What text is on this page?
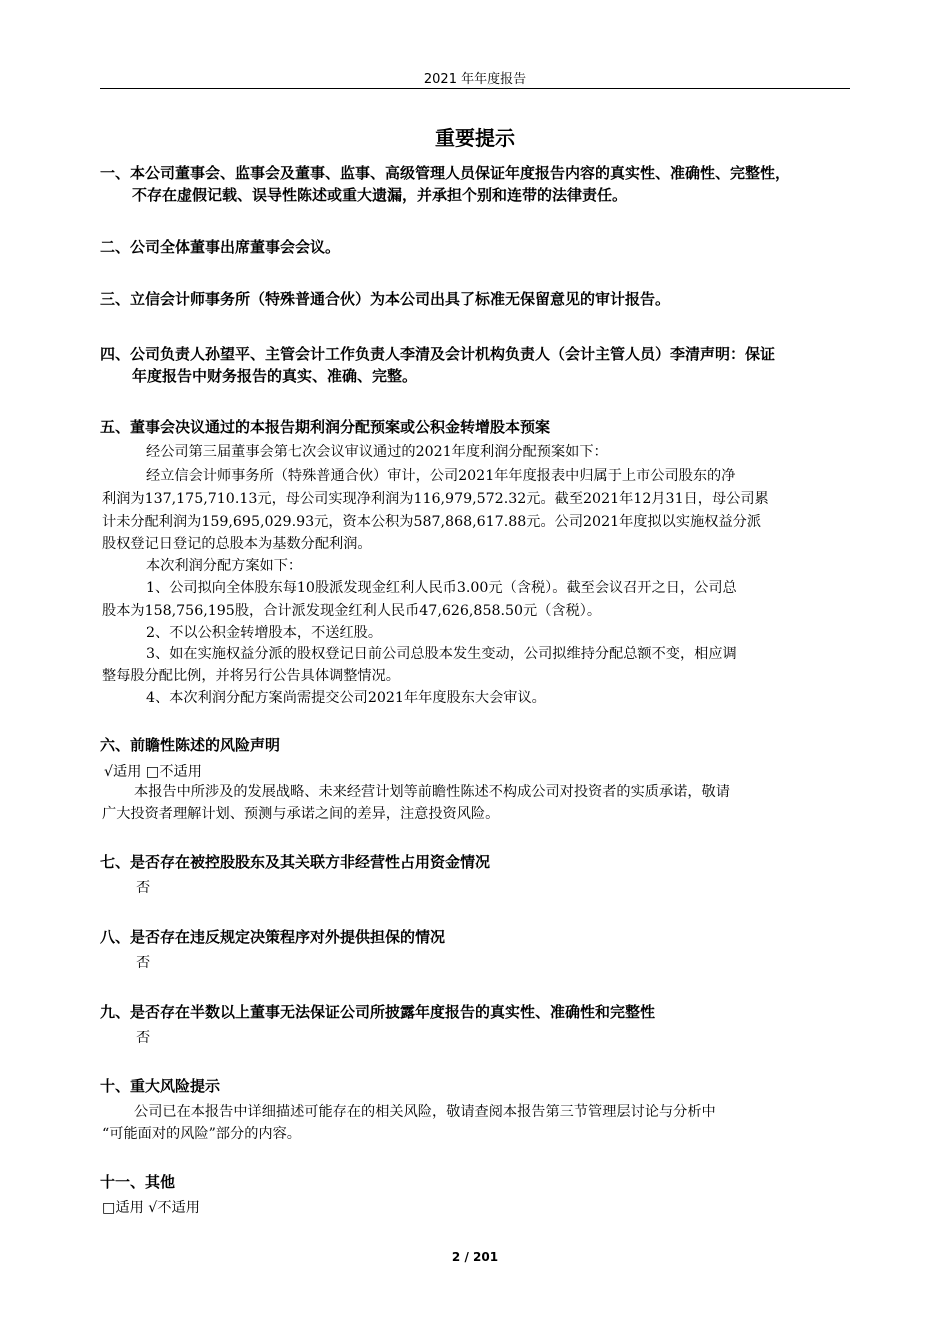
2021 年年度报告
重要提示
一、本公司董事会、监事会及董事、监事、高级管理人员保证年度报告内容的真实性、准确性、完整性，
不存在虚假记载、误导性陈述或重大遗漏，并承担个别和连带的法律责任。
二、公司全体董事出席董事会会议。
三、立信会计师事务所（特殊普通合伙）为本公司出具了标准无保留意见的审计报告。
四、公司负责人孙望平、主管会计工作负责人李清及会计机构负责人（会计主管人员）李清声明：保证
年度报告中财务报告的真实、准确、完整。
五、董事会决议通过的本报告期利润分配预案或公积金转增股本预案
经公司第三届董事会第七次会议审议通过的2021年度利润分配预案如下：
经立信会计师事务所（特殊普通合伙）审计，公司2021年年度报表中归属于上市公司股东的净
利润为137,175,710.13元，母公司实现净利润为116,979,572.32元。截至2021年12月31日，母公司累
计未分配利润为159,695,029.93元，资本公积为587,868,617.88元。公司2021年度拟以实施权益分派
股权登记日登记的总股本为基数分配利润。
本次利润分配方案如下：
1、公司拟向全体股东每10股派发现金红利人民币3.00元（含税）。截至会议召开之日，公司总
股本为158,756,195股，合计派发现金红利人民币47,626,858.50元（含税）。
2、不以公积金转增股本，不送红股。
3、如在实施权益分派的股权登记日前公司总股本发生变动，公司拟维持分配总额不变，相应调
整每股分配比例，并将另行公告具体调整情况。
4、本次利润分配方案尚需提交公司2021年年度股东大会审议。
六、前瞻性陈述的风险声明
√适用 □不适用
本报告中所涉及的发展战略、未来经营计划等前瞻性陈述不构成公司对投资者的实质承诺，敬请
广大投资者理解计划、预测与承诺之间的差异，注意投资风险。
七、是否存在被控股股东及其关联方非经营性占用资金情况
否
八、是否存在违反规定决策程序对外提供担保的情况
否
九、是否存在半数以上董事无法保证公司所披露年度报告的真实性、准确性和完整性
否
十、重大风险提示
公司已在本报告中详细描述可能存在的相关风险，敬请查阅本报告第三节管理层讨论与分析中
“可能面对的风险”部分的内容。
十一、其他
□适用 √不适用
2 / 201
